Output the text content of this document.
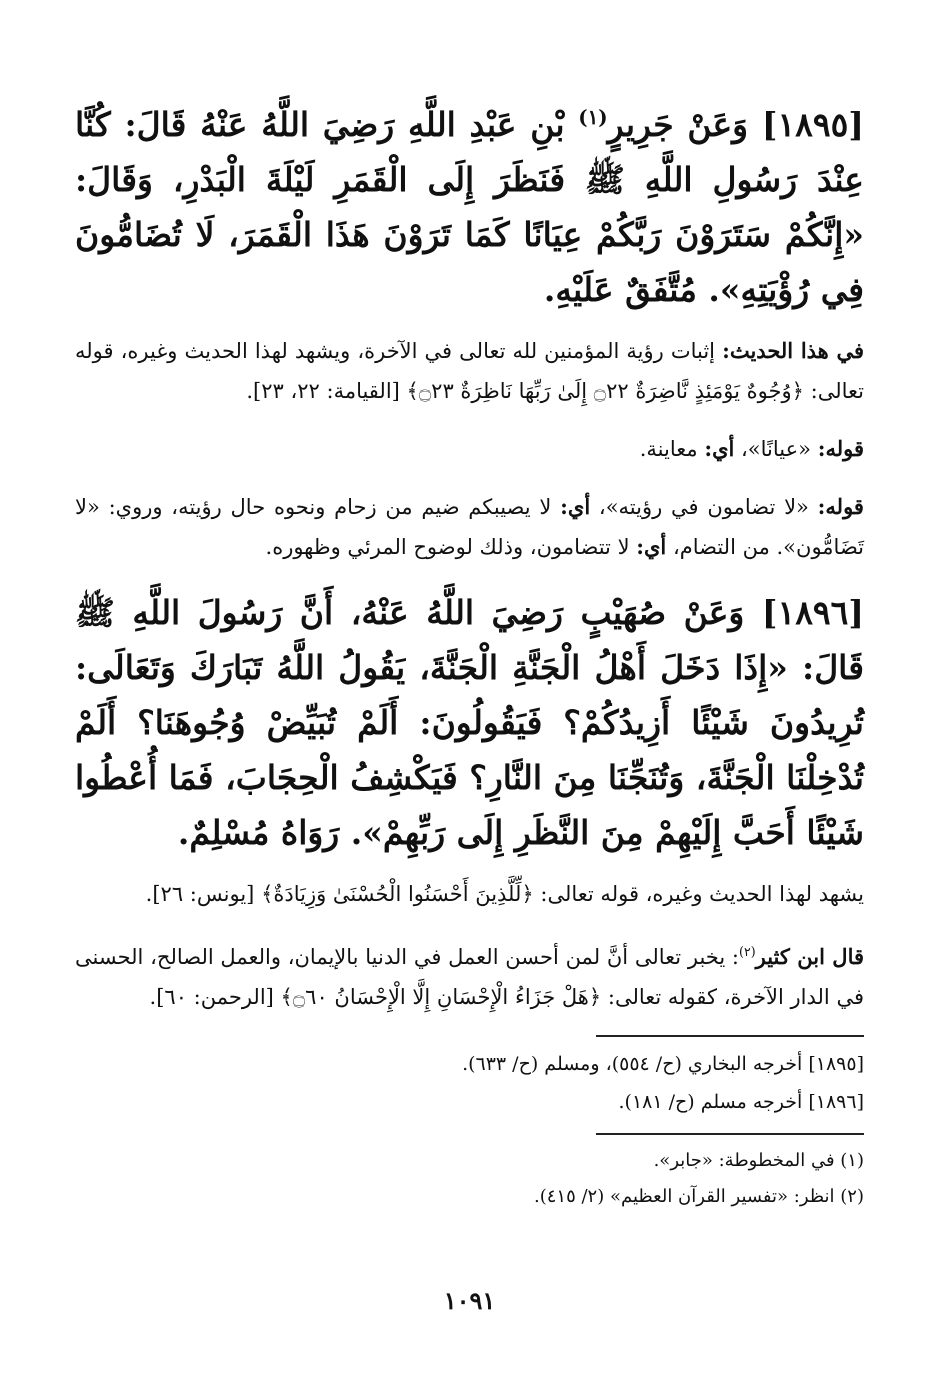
[١٨٩٥] وَعَنْ جَرِيرٍ$^{(١)}$ بْنِ عَبْدِ اللَّهِ رَضِيَ اللَّهُ عَنْهُ قَالَ: كُنَّا عِنْدَ رَسُولِ اللَّهِ ﷺ فَنَظَرَ إِلَى الْقَمَرِ لَيْلَةَ الْبَدْرِ، وَقَالَ: «إِنَّكُمْ سَتَرَوْنَ رَبَّكُمْ عِيَانًا كَمَا تَرَوْنَ هَذَا الْقَمَرَ، لَا تُضَامُّونَ فِي رُؤْيَتِهِ». مُتَّفَقٌ عَلَيْهِ.

في هذا الحديث: إثبات رؤية المؤمنين لله تعالى في الآخرة، ويشهد لهذا الحديث وغيره، قوله تعالى: ﴿وُجُوهٌ يَوْمَئِذٍ نَّاضِرَةٌ ۝٢٢ إِلَىٰ رَبِّهَا نَاظِرَةٌ ۝٢٣﴾ [القيامة: ٢٢، ٢٣].

قوله: «عيانًا»، أي: معاينة.

قوله: «لا تضامون في رؤيته»، أي: لا يصيبكم ضيم من زحام ونحوه حال رؤيته، وروي: «لا تَضَامُّون». من التضام، أي: لا تتضامون، وذلك لوضوح المرئي وظهوره.

[١٨٩٦] وَعَنْ صُهَيْبٍ رَضِيَ اللَّهُ عَنْهُ، أَنَّ رَسُولَ اللَّهِ ﷺ قَالَ: «إِذَا دَخَلَ أَهْلُ الْجَنَّةِ الْجَنَّةَ، يَقُولُ اللَّهُ تَبَارَكَ وَتَعَالَى: تُرِيدُونَ شَيْئًا أَزِيدُكُمْ؟ فَيَقُولُونَ: أَلَمْ تُبَيِّضْ وُجُوهَنَا؟ أَلَمْ تُدْخِلْنَا الْجَنَّةَ، وَتُنَجِّنَا مِنَ النَّارِ؟ فَيَكْشِفُ الْحِجَابَ، فَمَا أُعْطُوا شَيْئًا أَحَبَّ إِلَيْهِمْ مِنَ النَّظَرِ إِلَى رَبِّهِمْ». رَوَاهُ مُسْلِمٌ.

يشهد لهذا الحديث وغيره، قوله تعالى: ﴿لِّلَّذِينَ أَحْسَنُوا الْحُسْنَىٰ وَزِيَادَةٌ﴾ [يونس: ٢٦].

قال ابن كثير$^{(٢)}$: يخبر تعالى أنَّ لمن أحسن العمل في الدنيا بالإيمان، والعمل الصالح، الحسنى في الدار الآخرة، كقوله تعالى: ﴿هَلْ جَزَاءُ الْإِحْسَانِ إِلَّا الْإِحْسَانُ ۝٦٠﴾ [الرحمن: ٦٠].

[١٨٩٥] أخرجه البخاري (ح/ ٥٥٤)، ومسلم (ح/ ٦٣٣).
[١٨٩٦] أخرجه مسلم (ح/ ١٨١).
(١) في المخطوطة: «جابر».
(٢) انظر: «تفسير القرآن العظيم» (٢/ ٤١٥).
١٠٩١
